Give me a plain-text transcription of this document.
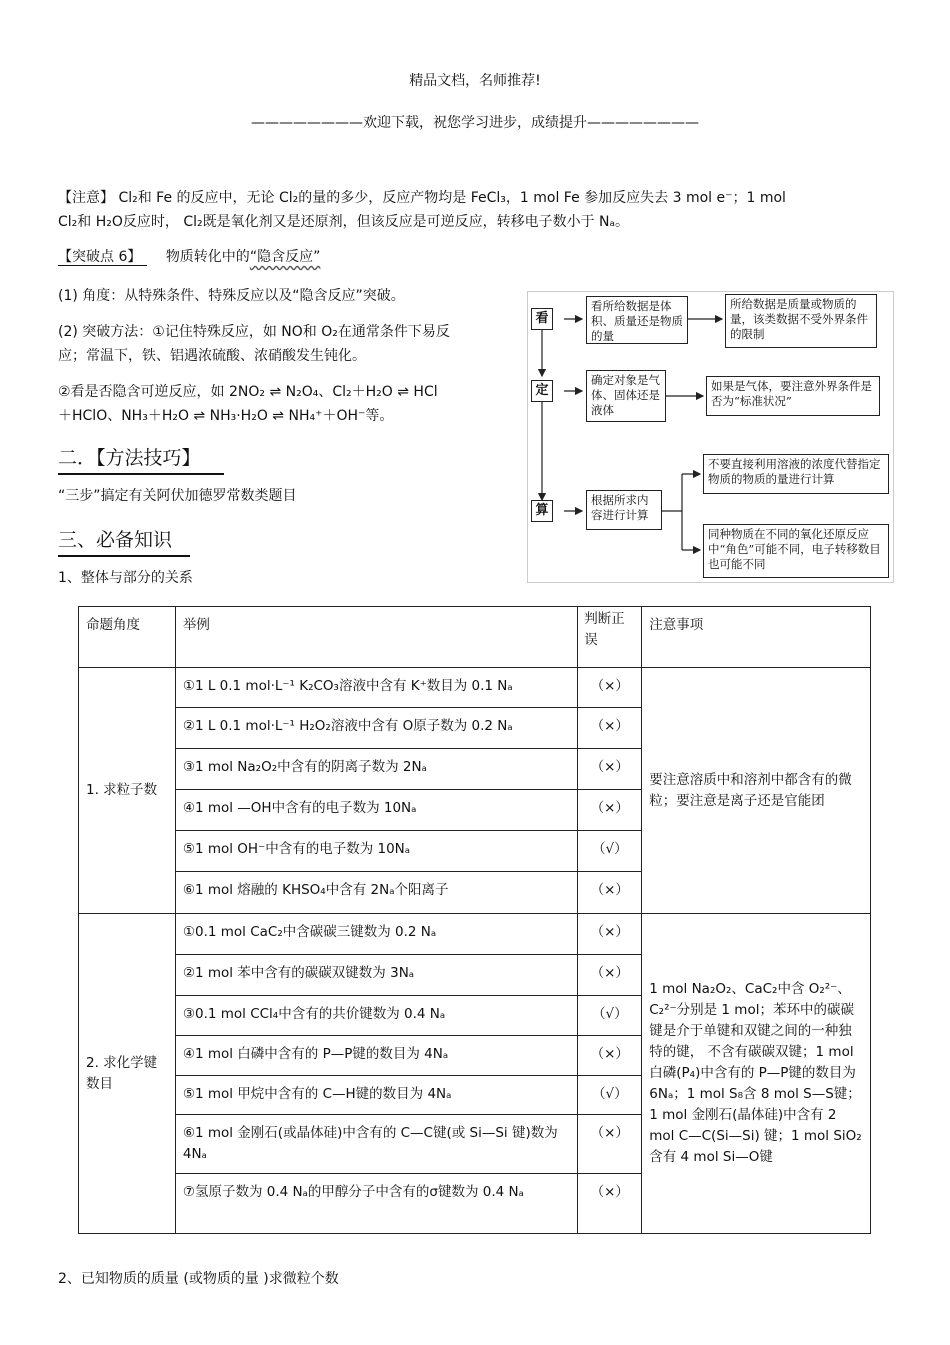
精品文档，名师推荐!
————————欢迎下载，祝您学习进步，成绩提升————————
【注意】 Cl₂和 Fe 的反应中，无论 Cl₂的量的多少，反应产物均是 FeCl₃，1 mol Fe 参加反应失去 3 mol e⁻；1 mol
Cl₂和 H₂O反应时， Cl₂既是氧化剂又是还原剂，但该反应是可逆反应，转移电子数小于 Nₐ。
【突破点 6】 物质转化中的“隐含反应”
(1) 角度：从特殊条件、特殊反应以及“隐含反应”突破。
(2) 突破方法：①记住特殊反应，如 NO和 O₂在通常条件下易反
应；常温下，铁、铝遇浓硫酸、浓硝酸发生钝化。
②看是否隐含可逆反应，如 2NO₂ ⇌ N₂O₄、Cl₂＋H₂O ⇌ HCl
＋HClO、NH₃＋H₂O ⇌ NH₃·H₂O ⇌ NH₄⁺＋OH⁻等。
二．【方法技巧】
“三步”搞定有关阿伏加德罗常数类题目
三、必备知识
1、整体与部分的关系
看
定
算
看所给数据是体积、质量还是物质的量
所给数据是质量或物质的量，该类数据不受外界条件的限制
确定对象是气体、固体还是液体
如果是气体，要注意外界条件是否为“标准状况”
根据所求内容进行计算
不要直接利用溶液的浓度代替指定物质的物质的量进行计算
同种物质在不同的氧化还原反应中“角色”可能不同，电子转移数目也可能不同
命题角度	举例	判断正误	注意事项
1. 求粒子数	①1 L 0.1 mol·L⁻¹ K₂CO₃溶液中含有 K⁺数目为 0.1 Nₐ	（×）	要注意溶质中和溶剂中都含有的微粒；要注意是离子还是官能团
	②1 L 0.1 mol·L⁻¹ H₂O₂溶液中含有 O原子数为 0.2 Nₐ	（×）	
	③1 mol Na₂O₂中含有的阴离子数为 2Nₐ	（×）	
	④1 mol —OH中含有的电子数为 10Nₐ	（×）	
	⑤1 mol OH⁻中含有的电子数为 10Nₐ	（√）	
	⑥1 mol 熔融的 KHSO₄中含有 2Nₐ个阳离子	（×）	
2. 求化学键数目	①0.1 mol CaC₂中含碳碳三键数为 0.2 Nₐ	（×）	1 mol Na₂O₂、CaC₂中含 O₂²⁻、C₂²⁻分别是 1 mol；苯环中的碳碳键是介于单键和双键之间的一种独特的键， 不含有碳碳双键；1 mol 白磷(P₄)中含有的 P—P键的数目为 6Nₐ；1 mol S₈含 8 mol S—S键；1 mol 金刚石(晶体硅)中含有 2 mol C—C(Si—Si) 键；1 mol SiO₂含有 4 mol Si—O键
	②1 mol 苯中含有的碳碳双键数为 3Nₐ	（×）	
	③0.1 mol CCl₄中含有的共价键数为 0.4 Nₐ	（√）	
	④1 mol 白磷中含有的 P—P键的数目为 4Nₐ	（×）	
	⑤1 mol 甲烷中含有的 C—H键的数目为 4Nₐ	（√）	
	⑥1 mol 金刚石(或晶体硅)中含有的 C—C键(或 Si—Si 键)数为 4Nₐ	（×）	
	⑦氢原子数为 0.4 Nₐ的甲醇分子中含有的σ键数为 0.4 Nₐ	（×）	
2、已知物质的质量 (或物质的量 )求微粒个数
